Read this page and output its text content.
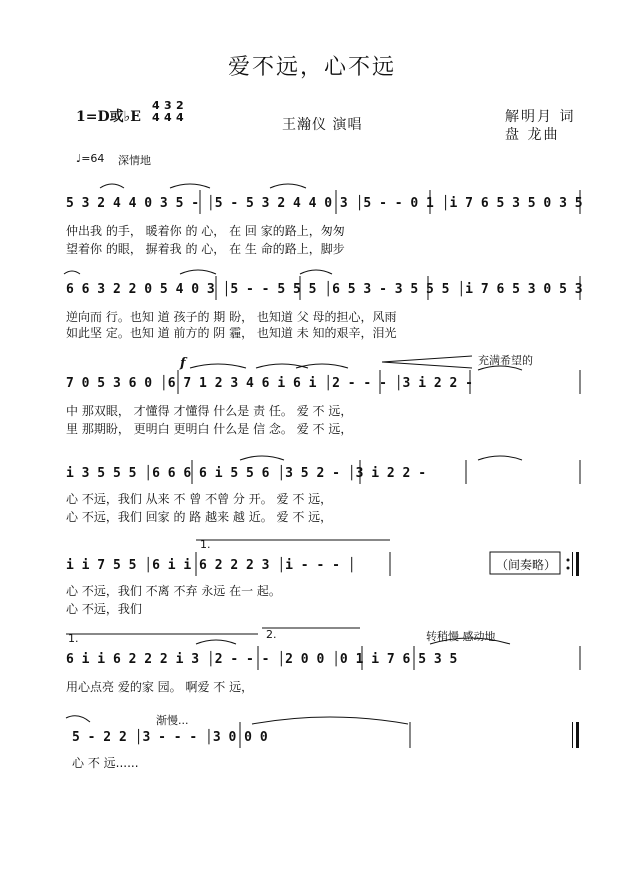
爱不远，心不远
1=D或♭E
4
4
3
4
2
4	王瀚仪 演唱	解明月 词
盘 龙曲
♩=64 深情地
5 3 2 4 4 0 3 5 - │5 - 5 3 2 4 4 0 3 │5 - - 0 1 │i 7 6 5 3 5 0 3 5
仲出我 的手， 暖着你 的 心， 在 回 家的路上，匆匆
望着你 的眼， 摒着我 的 心， 在 生 命的路上，脚步
6 6 3 2 2 0 5 4 0 3 │5 - - 5 5 5 │6 5 3 - 3 5 5 5 │i 7 6 5 3 0 5 3
逆向而 行。也知 道 孩子的 期 盼， 也知道 父 母的担心，风雨
如此坚 定。也知 道 前方的 阴 霾， 也知道 未 知的艰辛，泪光
充满希望的
f
7 0 5 3 6 0 │6 7 1 2 3 4 6 i 6 i │2 - - - │3 i 2 2 -
中 那双眼， 才懂得 才懂得 什么是 责 任。 爱 不 远，
里 那期盼， 更明白 更明白 什么是 信 念。 爱 不 远，
i 3 5 5 5 │6 6 6 6 i 5 5 6 │3 5 2 - │3 i 2 2 -
心 不远，我们 从来 不 曾 不曾 分 开。 爱 不 远，
心 不远，我们 回家 的 路 越来 越 近。 爱 不 远，
1.
i i 7 5 5 │6 i i 6 2 2 2 3 │i - - - │	（间奏略）
心 不远，我们 不离 不弃 永远 在一 起。
心 不远，我们
1.	2.	转稍慢 感动地
6 i i 6 2 2 2 i 3 │2 - - - │2 0 0 │0 1 i 7 6 5 3 5
用心点亮 爱的家 园。 啊爱 不 远，
渐慢...
5 - 2 2 │3 - - - │3 0 0 0
心 不 远......
